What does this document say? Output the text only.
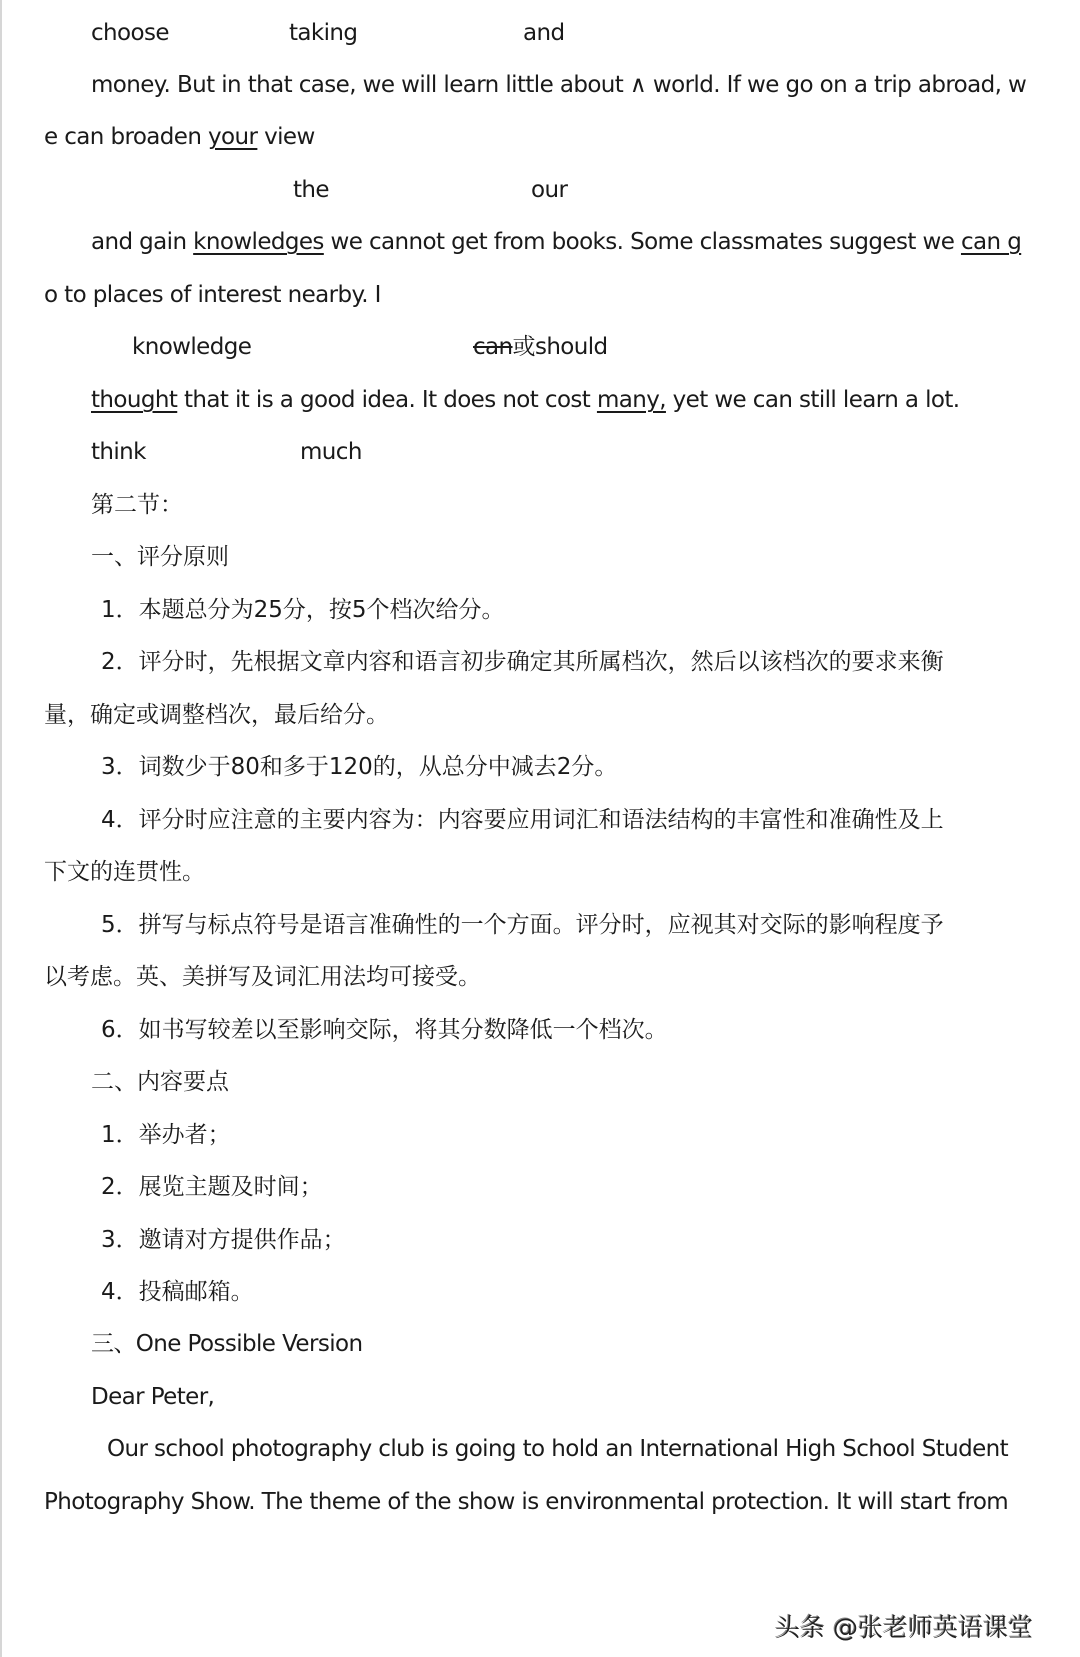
choose	taking	and
money. But in that case, we will learn little about ∧ world. If we go on a trip abroad, w
e can broaden your view
the	our
and gain knowledges we cannot get from books. Some classmates suggest we can g
o to places of interest nearby. I
knowledge	can或should
thought that it is a good idea. It does not cost many, yet we can still learn a lot.
think	much
第二节：
一、评分原则
1．本题总分为25分，按5个档次给分。
2．评分时，先根据文章内容和语言初步确定其所属档次，然后以该档次的要求来衡
量，确定或调整档次，最后给分。
3．词数少于80和多于120的，从总分中减去2分。
4．评分时应注意的主要内容为：内容要应用词汇和语法结构的丰富性和准确性及上
下文的连贯性。
5．拼写与标点符号是语言准确性的一个方面。评分时，应视其对交际的影响程度予
以考虑。英、美拼写及词汇用法均可接受。
6．如书写较差以至影响交际，将其分数降低一个档次。
二、内容要点
1．举办者；
2．展览主题及时间；
3．邀请对方提供作品；
4．投稿邮箱。
三、One Possible Version
Dear Peter,
Our school photography club is going to hold an International High School Student
Photography Show. The theme of the show is environmental protection. It will start from
头条 @张老师英语课堂
